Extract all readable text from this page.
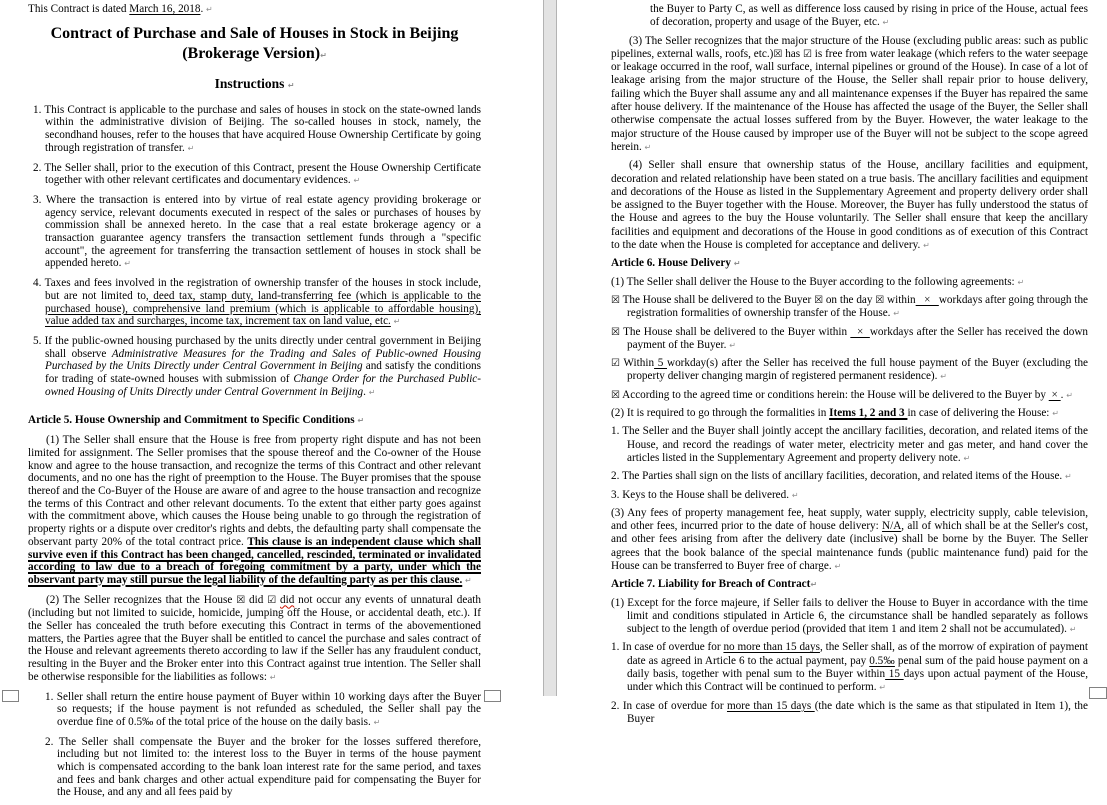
This Contract is dated March 16, 2018. ↵
Contract of Purchase and Sale of Houses in Stock in Beijing (Brokerage Version)↵
Instructions ↵
1. This Contract is applicable to the purchase and sales of houses in stock on the state-owned lands within the administrative division of Beijing. The so-called houses in stock, namely, the secondhand houses, refer to the houses that have acquired House Ownership Certificate by going through registration of transfer. ↵
2. The Seller shall, prior to the execution of this Contract, present the House Ownership Certificate together with other relevant certificates and documentary evidences. ↵
3. Where the transaction is entered into by virtue of real estate agency providing brokerage or agency service, relevant documents executed in respect of the sales or purchases of houses by commission shall be annexed hereto. In the case that a real estate brokerage agency or a transaction guarantee agency transfers the transaction settlement funds through a "specific account", the agreement for transferring the transaction settlement of houses in stock shall be appended hereto. ↵
4. Taxes and fees involved in the registration of ownership transfer of the houses in stock include, but are not limited to, deed tax, stamp duty, land-transferring fee (which is applicable to the purchased house), comprehensive land premium (which is applicable to affordable housing), value added tax and surcharges, income tax, increment tax on land value, etc. ↵
5. If the public-owned housing purchased by the units directly under central government in Beijing shall observe Administrative Measures for the Trading and Sales of Public-owned Housing Purchased by the Units Directly under Central Government in Beijing and satisfy the conditions for trading of state-owned houses with submission of Change Order for the Purchased Public-owned Housing of Units Directly under Central Government in Beijing. ↵
Article 5. House Ownership and Commitment to Specific Conditions ↵
(1) The Seller shall ensure that the House is free from property right dispute and has not been limited for assignment. The Seller promises that the spouse thereof and the Co-owner of the House know and agree to the house transaction, and recognize the terms of this Contract and other relevant documents, and no one has the right of preemption to the House. The Buyer promises that the spouse thereof and the Co-Buyer of the House are aware of and agree to the house transaction and recognize the terms of this Contract and other relevant documents. To the extent that either party goes against with the commitment above, which causes the House being unable to go through the registration of property rights or a dispute over creditor's rights and debts, the defaulting party shall compensate the observant party 20% of the total contract price. This clause is an independent clause which shall survive even if this Contract has been changed, cancelled, rescinded, terminated or invalidated according to law due to a breach of foregoing commitment by a party, under which the observant party may still pursue the legal liability of the defaulting party as per this clause. ↵
(2) The Seller recognizes that the House ☒ did ☑ did not occur any events of unnatural death (including but not limited to suicide, homicide, jumping off the House, or accidental death, etc.). If the Seller has concealed the truth before executing this Contract in terms of the abovementioned matters, the Parties agree that the Buyer shall be entitled to cancel the purchase and sales contract of the House and relevant agreements thereto according to law if the Seller has any fraudulent conduct, resulting in the Buyer and the Broker enter into this Contract against true intention. The Seller shall be otherwise responsible for the liabilities as follows: ↵
1. Seller shall return the entire house payment of Buyer within 10 working days after the Buyer so requests; if the house payment is not refunded as scheduled, the Seller shall pay the overdue fine of 0.5‰ of the total price of the house on the daily basis. ↵
2. The Seller shall compensate the Buyer and the broker for the losses suffered therefore, including but not limited to: the interest loss to the Buyer in terms of the house payment which is compensated according to the bank loan interest rate for the same period, and taxes and fees and bank charges and other actual expenditure paid for compensating the Buyer for the House, and any and all fees paid by
the Buyer to Party C, as well as difference loss caused by rising in price of the House, actual fees of decoration, property and usage of the Buyer, etc. ↵
(3) The Seller recognizes that the major structure of the House (excluding public areas: such as public pipelines, external walls, roofs, etc.)☒ has ☑ is free from water leakage (which refers to the water seepage or leakage occurred in the roof, wall surface, internal pipelines or ground of the House). In case of a lot of leakage arising from the major structure of the House, the Seller shall repair prior to house delivery, failing which the Buyer shall assume any and all maintenance expenses if the Buyer has repaired the same after house delivery. If the maintenance of the House has affected the usage of the Buyer, the Seller shall otherwise compensate the actual losses suffered from by the Buyer. However, the water leakage to the major structure of the House caused by improper use of the Buyer will not be subject to the scope agreed herein. ↵
(4) Seller shall ensure that ownership status of the House, ancillary facilities and equipment, decoration and related relationship have been stated on a true basis. The ancillary facilities and equipment and decorations of the House as listed in the Supplementary Agreement and property delivery order shall be assigned to the Buyer together with the House. Moreover, the Buyer has fully understood the status of the House and agrees to the buy the House voluntarily. The Seller shall ensure that keep the ancillary facilities and equipment and decorations of the House in good conditions as of execution of this Contract to the date when the House is completed for acceptance and delivery. ↵
Article 6. House Delivery ↵
(1) The Seller shall deliver the House to the Buyer according to the following agreements: ↵
☒ The House shall be delivered to the Buyer ☒ on the day ☒ within   ×   workdays after going through the registration formalities of ownership transfer of the House. ↵
☒ The House shall be delivered to the Buyer within   ×  workdays after the Seller has received the down payment of the Buyer. ↵
☑ Within 5 workday(s) after the Seller has received the full house payment of the Buyer (excluding the property deliver changing margin of registered permanent residence). ↵
☒ According to the agreed time or conditions herein: the House will be delivered to the Buyer by  × . ↵
(2) It is required to go through the formalities in Items 1, 2 and 3 in case of delivering the House: ↵
1. The Seller and the Buyer shall jointly accept the ancillary facilities, decoration, and related items of the House, and record the readings of water meter, electricity meter and gas meter, and hand cover the articles listed in the Supplementary Agreement and property delivery note. ↵
2. The Parties shall sign on the lists of ancillary facilities, decoration, and related items of the House. ↵
3. Keys to the House shall be delivered. ↵
(3) Any fees of property management fee, heat supply, water supply, electricity supply, cable television, and other fees, incurred prior to the date of house delivery: N/A, all of which shall be at the Seller's cost, and other fees arising from after the delivery date (inclusive) shall be borne by the Buyer. The Seller agrees that the book balance of the special maintenance funds (public maintenance fund) paid for the House can be transferred to Buyer free of charge. ↵
Article 7. Liability for Breach of Contract↵
(1) Except for the force majeure, if Seller fails to deliver the House to Buyer in accordance with the time limit and conditions stipulated in Article 6, the circumstance shall be handled separately as follows subject to the length of overdue period (provided that item 1 and item 2 shall not be accumulated). ↵
1. In case of overdue for no more than 15 days, the Seller shall, as of the morrow of expiration of payment date as agreed in Article 6 to the actual payment, pay 0.5‰ penal sum of the paid house payment on a daily basis, together with penal sum to the Buyer within 15 days upon actual payment of the House, under which this Contract will be continued to perform. ↵
2. In case of overdue for more than 15 days (the date which is the same as that stipulated in Item 1), the Buyer
